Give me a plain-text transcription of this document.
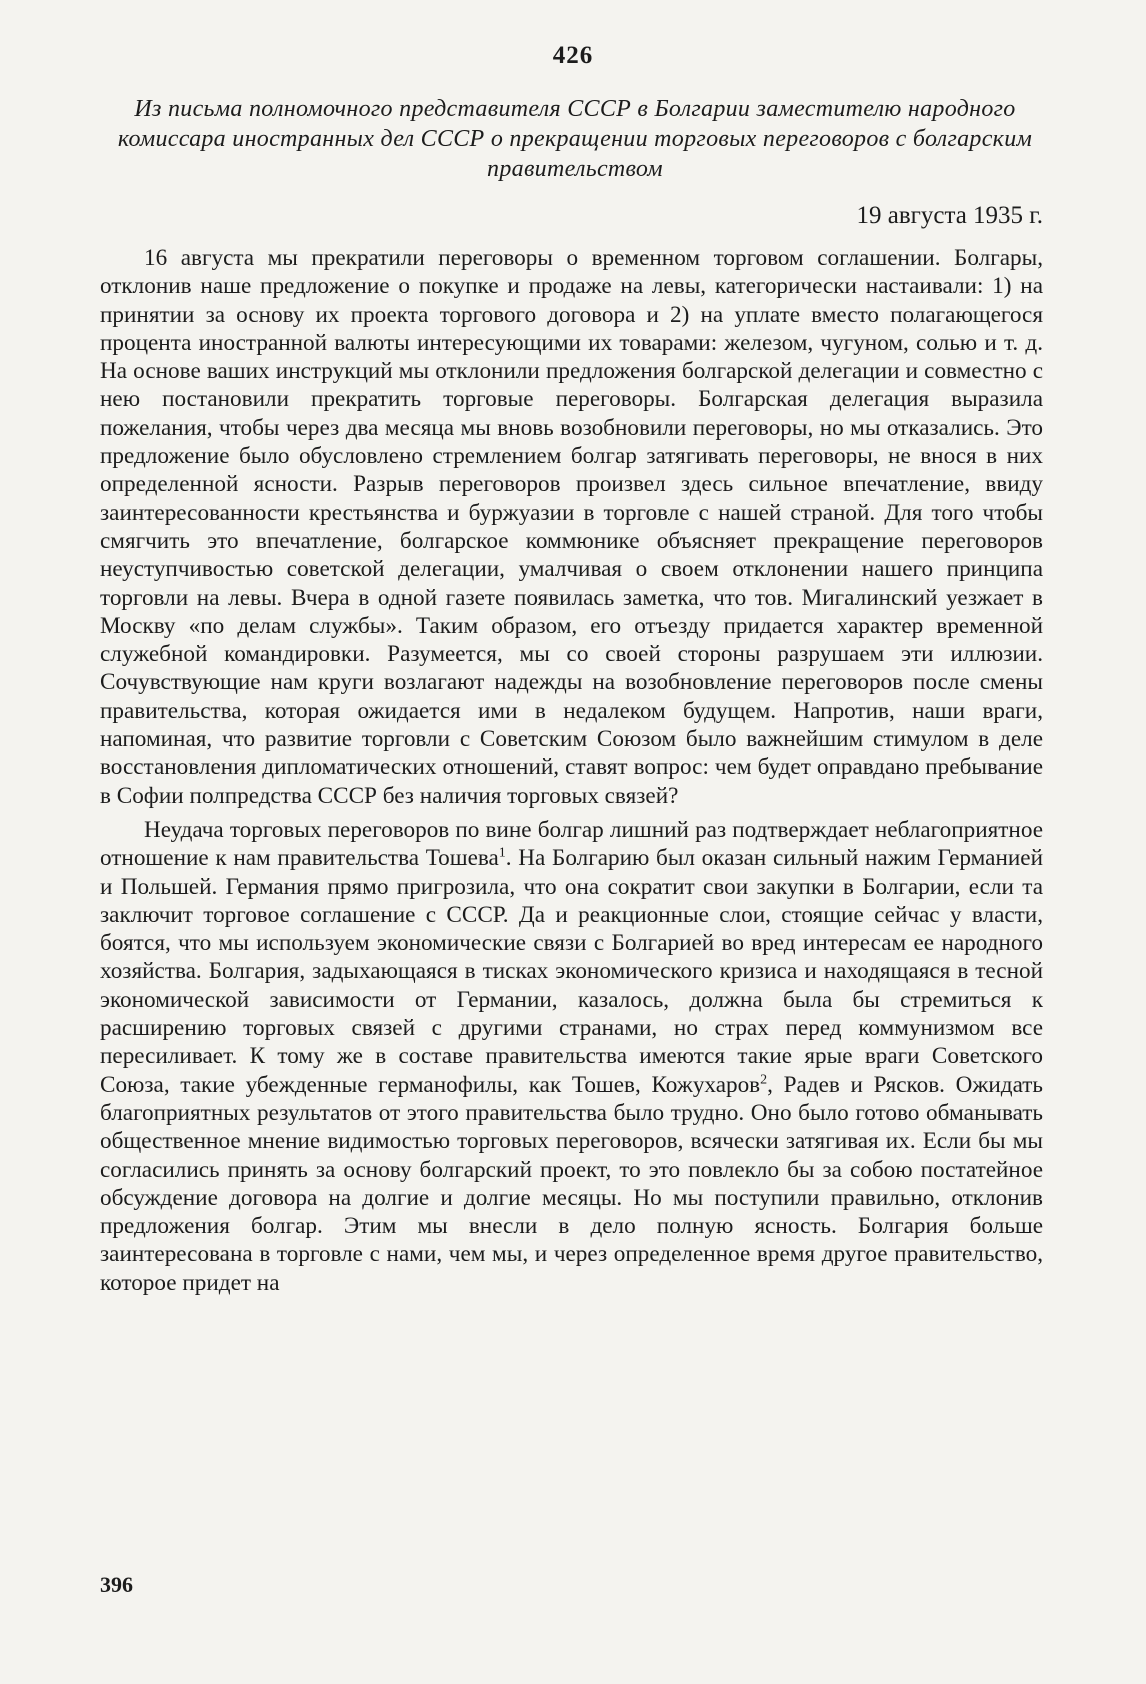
426
Из письма полномочного представителя СССР в Болгарии заместителю народного комиссара иностранных дел СССР о прекращении торговых переговоров с болгарским правительством
19 августа 1935 г.

16 августа мы прекратили переговоры о временном торговом соглашении. Болгары, отклонив наше предложение о покупке и продаже на левы, категорически настаивали: 1) на принятии за основу их проекта торгового договора и 2) на уплате вместо полагающегося процента иностранной валюты интересующими их товарами: железом, чугуном, солью и т. д. На основе ваших инструкций мы отклонили предложения болгарской делегации и совместно с нею постановили прекратить торговые переговоры. Болгарская делегация выразила пожелания, чтобы через два месяца мы вновь возобновили переговоры, но мы отказались. Это предложение было обусловлено стремлением болгар затягивать переговоры, не внося в них определенной ясности. Разрыв переговоров произвел здесь сильное впечатление, ввиду заинтересованности крестьянства и буржуазии в торговле с нашей страной. Для того чтобы смягчить это впечатление, болгарское коммюнике объясняет прекращение переговоров неуступчивостью советской делегации, умалчивая о своем отклонении нашего принципа торговли на левы. Вчера в одной газете появилась заметка, что тов. Мигалинский уезжает в Москву «по делам службы». Таким образом, его отъезду придается характер временной служебной командировки. Разумеется, мы со своей стороны разрушаем эти иллюзии. Сочувствующие нам круги возлагают надежды на возобновление переговоров после смены правительства, которая ожидается ими в недалеком будущем. Напротив, наши враги, напоминая, что развитие торговли с Советским Союзом было важнейшим стимулом в деле восстановления дипломатических отношений, ставят вопрос: чем будет оправдано пребывание в Софии полпредства СССР без наличия торговых связей?

Неудача торговых переговоров по вине болгар лишний раз подтверждает неблагоприятное отношение к нам правительства Тошева$^1$. На Болгарию был оказан сильный нажим Германией и Польшей. Германия прямо пригрозила, что она сократит свои закупки в Болгарии, если та заключит торговое соглашение с СССР. Да и реакционные слои, стоящие сейчас у власти, боятся, что мы используем экономические связи с Болгарией во вред интересам ее народного хозяйства. Болгария, задыхающаяся в тисках экономического кризиса и находящаяся в тесной экономической зависимости от Германии, казалось, должна была бы стремиться к расширению торговых связей с другими странами, но страх перед коммунизмом все пересиливает. К тому же в составе правительства имеются такие ярые враги Советского Союза, такие убежденные германофилы, как Тошев, Кожухаров$^2$, Радев и Рясков. Ожидать благоприятных результатов от этого правительства было трудно. Оно было готово обманывать общественное мнение видимостью торговых переговоров, всячески затягивая их. Если бы мы согласились принять за основу болгарский проект, то это повлекло бы за собою постатейное обсуждение договора на долгие и долгие месяцы. Но мы поступили правильно, отклонив предложения болгар. Этим мы внесли в дело полную ясность. Болгария больше заинтересована в торговле с нами, чем мы, и через определенное время другое правительство, которое придет на

396
